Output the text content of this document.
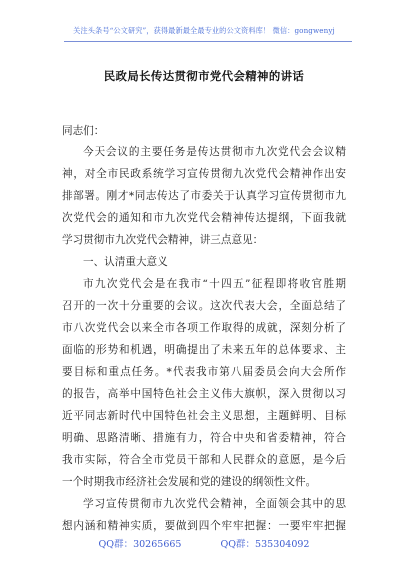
关注头条号“公文研究”，获得最新最全最专业的公文资料库！ 微信：gongwenyj
民政局长传达贯彻市党代会精神的讲话
同志们：
今天会议的主要任务是传达贯彻市九次党代会会议精
神，对全市民政系统学习宣传贯彻九次党代会精神作出安
排部署。刚才*同志传达了市委关于认真学习宣传贯彻市九
次党代会的通知和市九次党代会精神传达提纲，下面我就
学习贯彻市九次党代会精神，讲三点意见：
一、认清重大意义
市九次党代会是在我市“十四五”征程即将收官胜期
召开的一次十分重要的会议。这次代表大会，全面总结了
市八次党代会以来全市各项工作取得的成就，深刻分析了
面临的形势和机遇，明确提出了未来五年的总体要求、主
要目标和重点任务。*代表我市第八届委员会向大会所作
的报告，高举中国特色社会主义伟大旗帜，深入贯彻以习
近平同志新时代中国特色社会主义思想，主题鲜明、目标
明确、思路清晰、措施有力，符合中央和省委精神，符合
我市实际，符合全市党员干部和人民群众的意愿，是今后
一个时期我市经济社会发展和党的建设的纲领性文件。
学习宣传贯彻市九次党代会精神，全面领会其中的思
想内涵和精神实质，要做到四个牢牢把握：一要牢牢把握
QQ群：30265665	QQ群：535304092
